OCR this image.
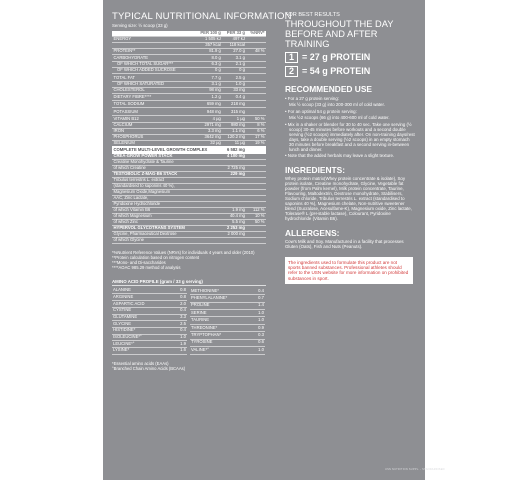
TYPICAL NUTRITIONAL INFORMATION
Serving size: ½ scoop (33 g)
	PER 100 g	PER 33 g	%NRV*
ENERGY	1 505 kJ	497 kJ	
	357 kcal	118 kcal	
PROTEIN**	81.9 g	27.0 g	48 %
CARBOHYDRATE	8.0 g	3.1 g	
OF WHICH TOTAL SUGAR***	6.3 g	2.1 g	
OF WHICH ADDED SUCROSE	0 g	0 g	
TOTAL FAT	7.7 g	2.5 g	
OF WHICH SATURATED	3.1 g	1.0 g	
CHOLESTEROL	98 mg	33 mg	
DIETARY FIBRE****	1.2 g	0.4 g	
TOTAL SODIUM	659 mg	218 mg	
POTASSIUM	948 mg	315 mg	
VITAMIN B12	4 µg	1 µg	50 %
CALCIUM	2971 mg	980 mg	8 %
IRON	3.3 mg	1.1 mg	6 %
PHOSPHORUS	3642 mg	120.2 mg	17 %
SELENIUM	32 µg	11 µg	19 %
COMPLETE MULTI-LEVEL GROWTH COMPLEX		6 582 mg	
CREA-GROW POWER STACK		4 100 mg	
Creatine Monohydrate & Taurine			
of which Creatine		2 725 mg	
TESTOBOLIC Z-MAG-B6 STACK		229 mg	
Tribulus terrestris L. extract			
(standardised to saponins 40 %),			
Magnesium Oxide,Magnesium			
AAC, Zinc Lactate,			
Pyridoxine Hydrochloride			
of which Vitamin B6		1.9 mg	112 %
of which Magnesium		40.4 mg	10 %
of which Zinc		5.5 mg	50 %
HYPERVOL GLYCOTRANS SYSTEM		2 253 mg	
Glycine, Pharmaceutical Dextrose		2 000 mg	
of which Glycine			
*%Nutrient Reference Values (NRVs) for individuals 4 years and older (2010)
**Protein calculation based on nitrogen content
***Mono- and Di-saccharides
****AOAC 985.29 method of analysis
AMINO ACID PROFILE (gram / 33 g serving)
ALANINE	0.8
ARGININE	0.8
ASPARTIC ACID	2.0
CYSTINE	0.4
GLUTAMINE	3.3
GLYCINE	2.5
HISTIDINE*	0.4
ISOLEUCINE*°	1.0
LEUCINE*°	1.9
LYSINE*	1.6
METHIONINE*	0.4
PHENYLALANINE*	0.7
PROLINE	1.4
SERINE	1.0
TAURINE	1.0
THREONINE*	0.9
TRYPTOPHAN*	0.3
TYROSINE	0.6
VALINE*°	1.0
*Essential amino acids (EAAs)
°Branched Chain Amino Acids (BCAAs)
FOR BEST RESULTS
THROUGHOUT THE DAY
BEFORE AND AFTER TRAINING
1 = 27 g PROTEIN
2 = 54 g PROTEIN
RECOMMENDED USE

• For a 27 g protein serving:

Mix ½ scoop (33 g) into 200-300 ml of cold water.

• For an optimal 54 g protein serving:

Mix ½2 scoops (66 g) into 400-600 ml of cold water.

• Mix in a shaker or blender for 30 to 40 sec. Take one serving (½ scoop) 30-45 minutes before workouts and a second double serving (½2 scoops) immediately after. On non-training days/rest days, take a double serving (½2 scoops) in an empty stomach 30 minutes before breakfast and a second serving in-between lunch and dinner.

• Note that the added herbals may leave a slight texture.

INGREDIENTS:
Whey protein matrix(Whey protein concentrate & isolate), Soy protein isolate, Creatine monohydrate, Glycine, Vegetable fat powder (from Palm kernel), Milk protein concentrate, Taurine, Flavouring, Maltodextrin, Dextrose monohydrate, Stabilisers, Sodium chloride, Tribulus terrestris L. extract (standardised to saponins 40 %), Magnesium chelate, Non-nutritive sweetener blend (Sucralose, Acesulfame-K), Magnesium oxide, Zinc lactate, Tolerase® L (pH-stable lactase), Colourant, Pyridoxine hydrochloride (Vitamin B6).
ALLERGENS:
Cow's Milk and Soy. Manufactured in a facility that processes Gluten (Oats), Fish and Nuts (Peanuts).
The ingredients used to formulate this product are not sports banned substances. Professional athletes should refer to the USN website for more information on prohibited substances in sport.
USN NUTRITION SUPPL. - STANDARDISED
